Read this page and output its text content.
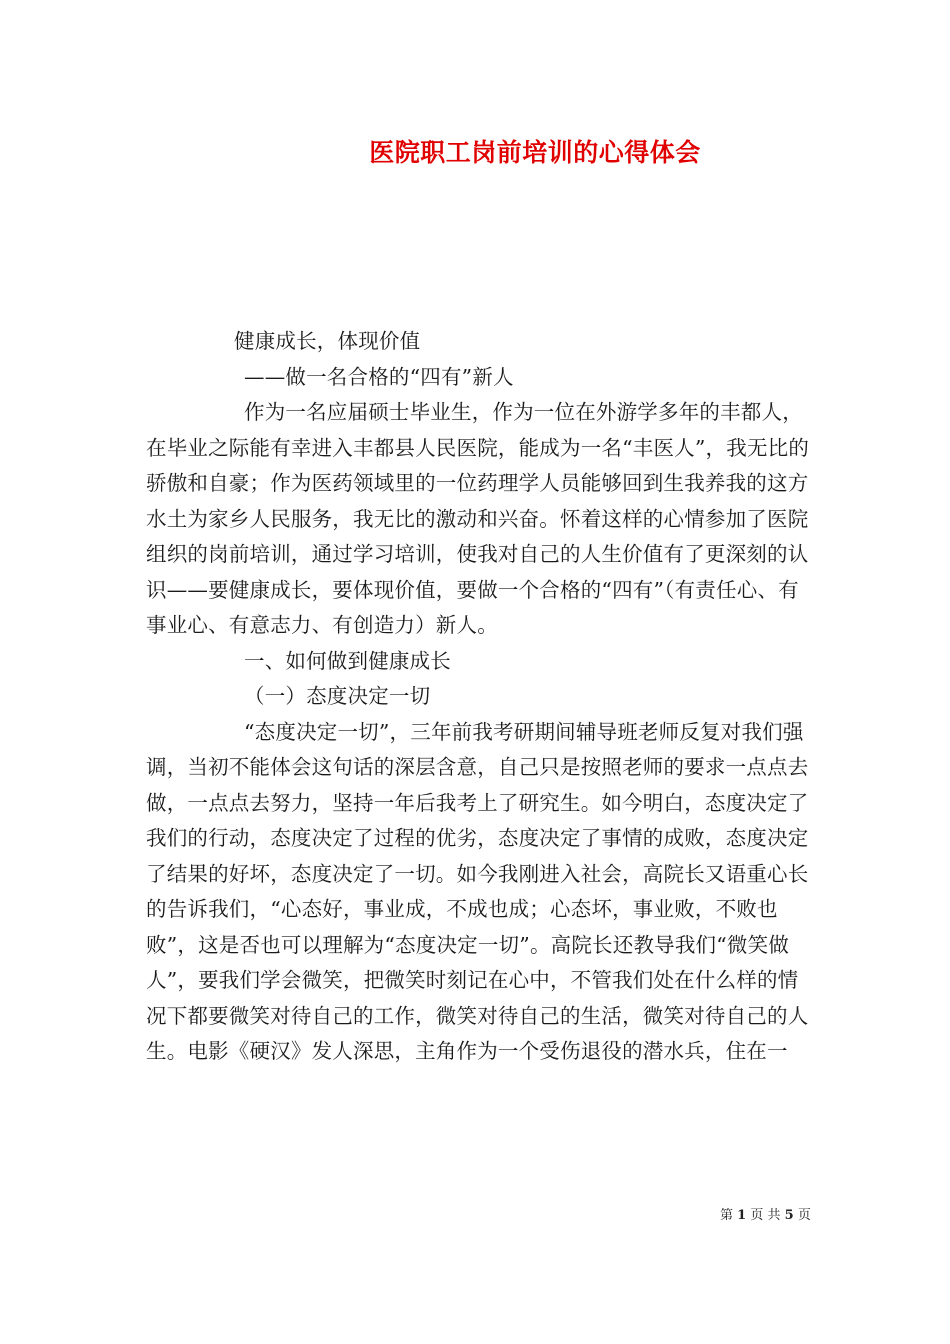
医院职工岗前培训的心得体会

健康成长，体现价值

——做一名合格的“四有”新人

作为一名应届硕士毕业生，作为一位在外游学多年的丰都人，在毕业之际能有幸进入丰都县人民医院，能成为一名“丰医人”，我无比的骄傲和自豪；作为医药领域里的一位药理学人员能够回到生我养我的这方水土为家乡人民服务，我无比的激动和兴奋。怀着这样的心情参加了医院组织的岗前培训，通过学习培训，使我对自己的人生价值有了更深刻的认识——要健康成长，要体现价值，要做一个合格的“四有”（有责任心、有事业心、有意志力、有创造力）新人。

一、如何做到健康成长

（一）态度决定一切

“态度决定一切”，三年前我考研期间辅导班老师反复对我们强调，当初不能体会这句话的深层含意，自己只是按照老师的要求一点点去做，一点点去努力，坚持一年后我考上了研究生。如今明白，态度决定了我们的行动，态度决定了过程的优劣，态度决定了事情的成败，态度决定了结果的好坏，态度决定了一切。如今我刚进入社会，高院长又语重心长的告诉我们，“心态好，事业成，不成也成；心态坏，事业败，不败也败”，这是否也可以理解为“态度决定一切”。高院长还教导我们“微笑做人”，要我们学会微笑，把微笑时刻记在心中，不管我们处在什么样的情况下都要微笑对待自己的工作，微笑对待自己的生活，微笑对待自己的人生。电影《硬汉》发人深思，主角作为一个受伤退役的潜水兵，住在一

第 1 页 共 5 页
